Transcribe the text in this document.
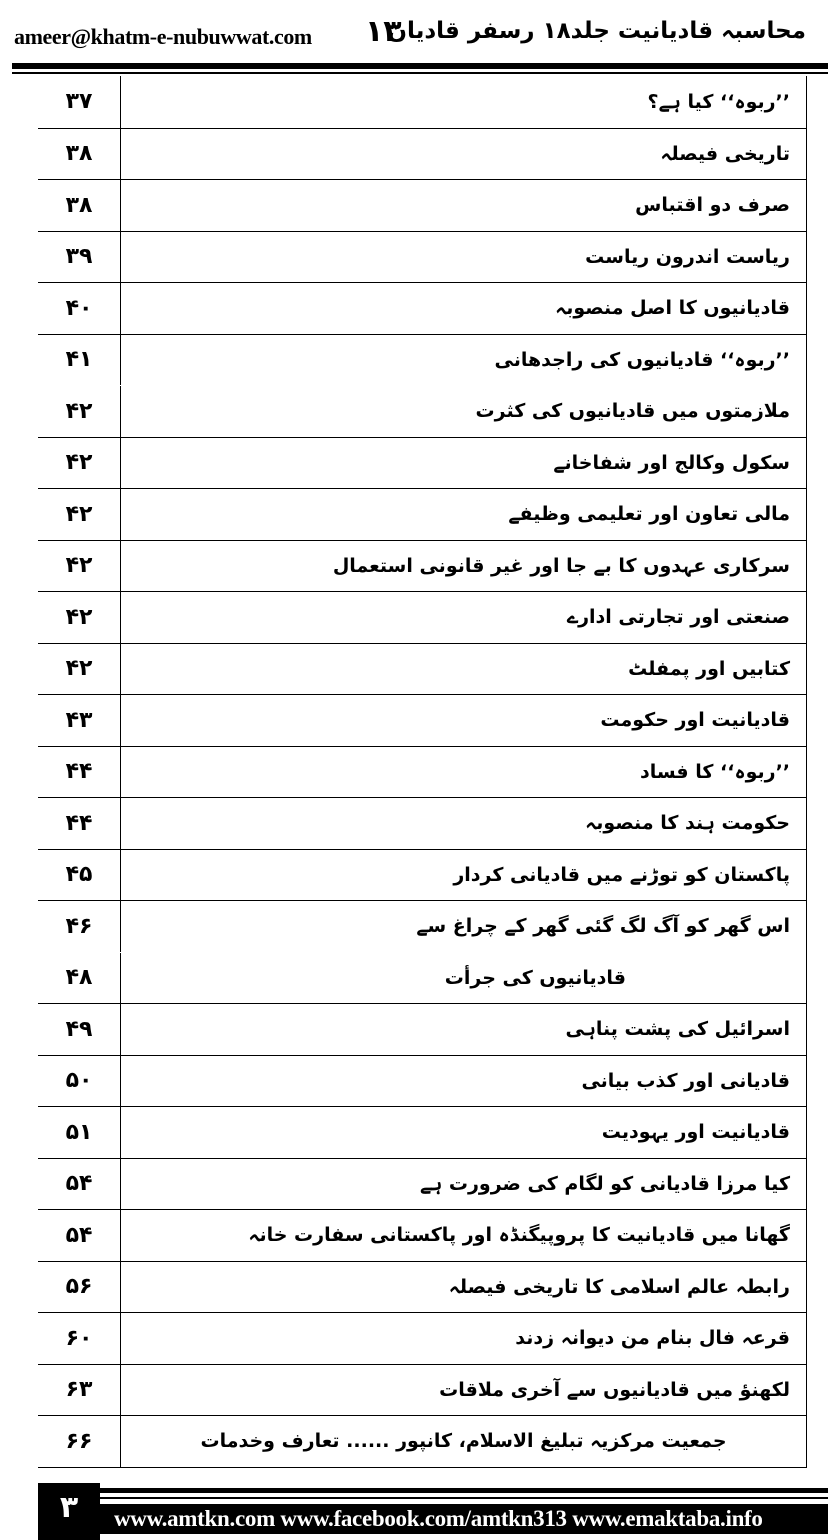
ameer@khatm-e-nubuwwat.com ۱۳
محاسبہ قادیانیت جلد۱۸ رسفر قادیان
۳۷	’’ربوہ‘‘ کیا ہے؟
۳۸	تاریخی فیصلہ
۳۸	صرف دو اقتباس
۳۹	ریاست اندرون ریاست
۴۰	قادیانیوں کا اصل منصوبہ
۴۱	’’ربوہ‘‘ قادیانیوں کی راجدھانی
۴۲	ملازمتوں میں قادیانیوں کی کثرت
۴۲	سکول وکالج اور شفاخانے
۴۲	مالی تعاون اور تعلیمی وظیفے
۴۲	سرکاری عہدوں کا بے جا اور غیر قانونی استعمال
۴۲	صنعتی اور تجارتی ادارے
۴۲	کتابیں اور پمفلٹ
۴۳	قادیانیت اور حکومت
۴۴	’’ربوہ‘‘ کا فساد
۴۴	حکومت ہند کا منصوبہ
۴۵	پاکستان کو توڑنے میں قادیانی کردار
۴۶	اس گھر کو آگ لگ گئی گھر کے چراغ سے
۴۸	قادیانیوں کی جرأت
۴۹	اسرائیل کی پشت پناہی
۵۰	قادیانی اور کذب بیانی
۵۱	قادیانیت اور یہودیت
۵۴	کیا مرزا قادیانی کو لگام کی ضرورت ہے
۵۴	گھانا میں قادیانیت کا پروپیگنڈہ اور پاکستانی سفارت خانہ
۵۶	رابطہ عالم اسلامی کا تاریخی فیصلہ
۶۰	قرعہ فال بنام من دیوانہ زدند
۶۳	لکھنؤ میں قادیانیوں سے آخری ملاقات
۶۶	جمعیت مرکزیہ تبلیغ الاسلام، کانپور ...... تعارف وخدمات
۳	www.amtkn.com www.facebook.com/amtkn313 www.emaktaba.info
